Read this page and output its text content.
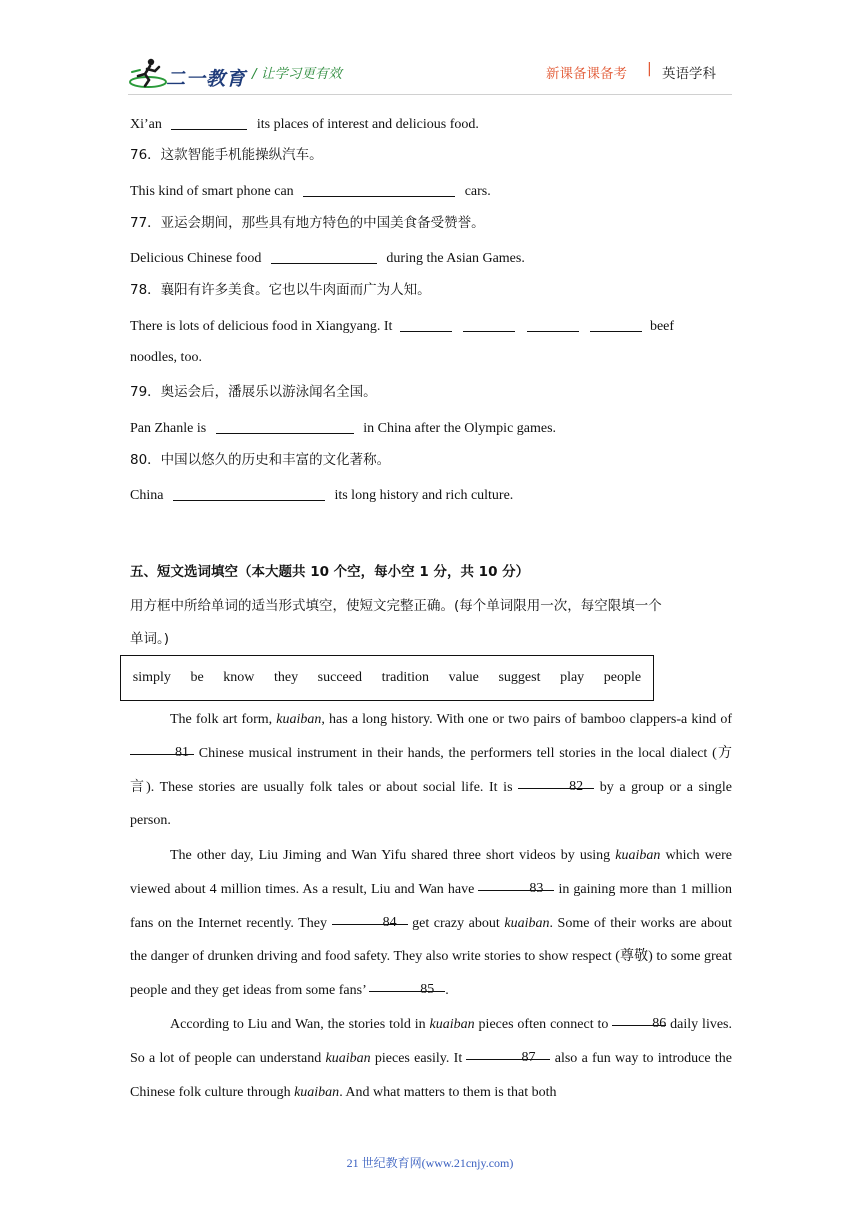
二一教育 / 让学习更有效	新课备课备考 | 英语学科
Xi’an	its places of interest and delicious food.
76．这款智能手机能操纵汽车。
This kind of smart phone can	cars.
77．亚运会期间，那些具有地方特色的中国美食备受赞誉。
Delicious Chinese food	during the Asian Games.
78．襄阳有许多美食。它也以牛肉面而广为人知。
There is lots of delicious food in Xiangyang. It	beef
noodles, too.
79．奥运会后，潘展乐以游泳闻名全国。
Pan Zhanle is	in China after the Olympic games.
80．中国以悠久的历史和丰富的文化著称。
China	its long history and rich culture.
五、短文选词填空（本大题共 10 个空，每小空 1 分，共 10 分）
用方框中所给单词的适当形式填空，使短文完整正确。(每个单词限用一次，每空限填一个
单词。)
simply be know they succeed tradition value suggest play people
The folk art form, kuaiban, has a long history. With one or two pairs of bamboo clappers-a kind of 81 Chinese musical instrument in their hands, the performers tell stories in the local dialect (方言). These stories are usually folk tales or about social life. It is	82 by a group or a single person.
The other day, Liu Jiming and Wan Yifu shared three short videos by using kuaiban which were viewed about 4 million times. As a result, Liu and Wan have	83 in gaining more than 1 million fans on the Internet recently. They	84 get crazy about kuaiban. Some of their works are about the danger of drunken driving and food safety. They also write stories to show respect (尊敬) to some great people and they get ideas from some fans’	85 .
According to Liu and Wan, the stories told in kuaiban pieces often connect to	86 daily lives. So a lot of people can understand kuaiban pieces easily. It	87 also a fun way to introduce the Chinese folk culture through kuaiban. And what matters to them is that both
21 世纪教育网(www.21cnjy.com)
